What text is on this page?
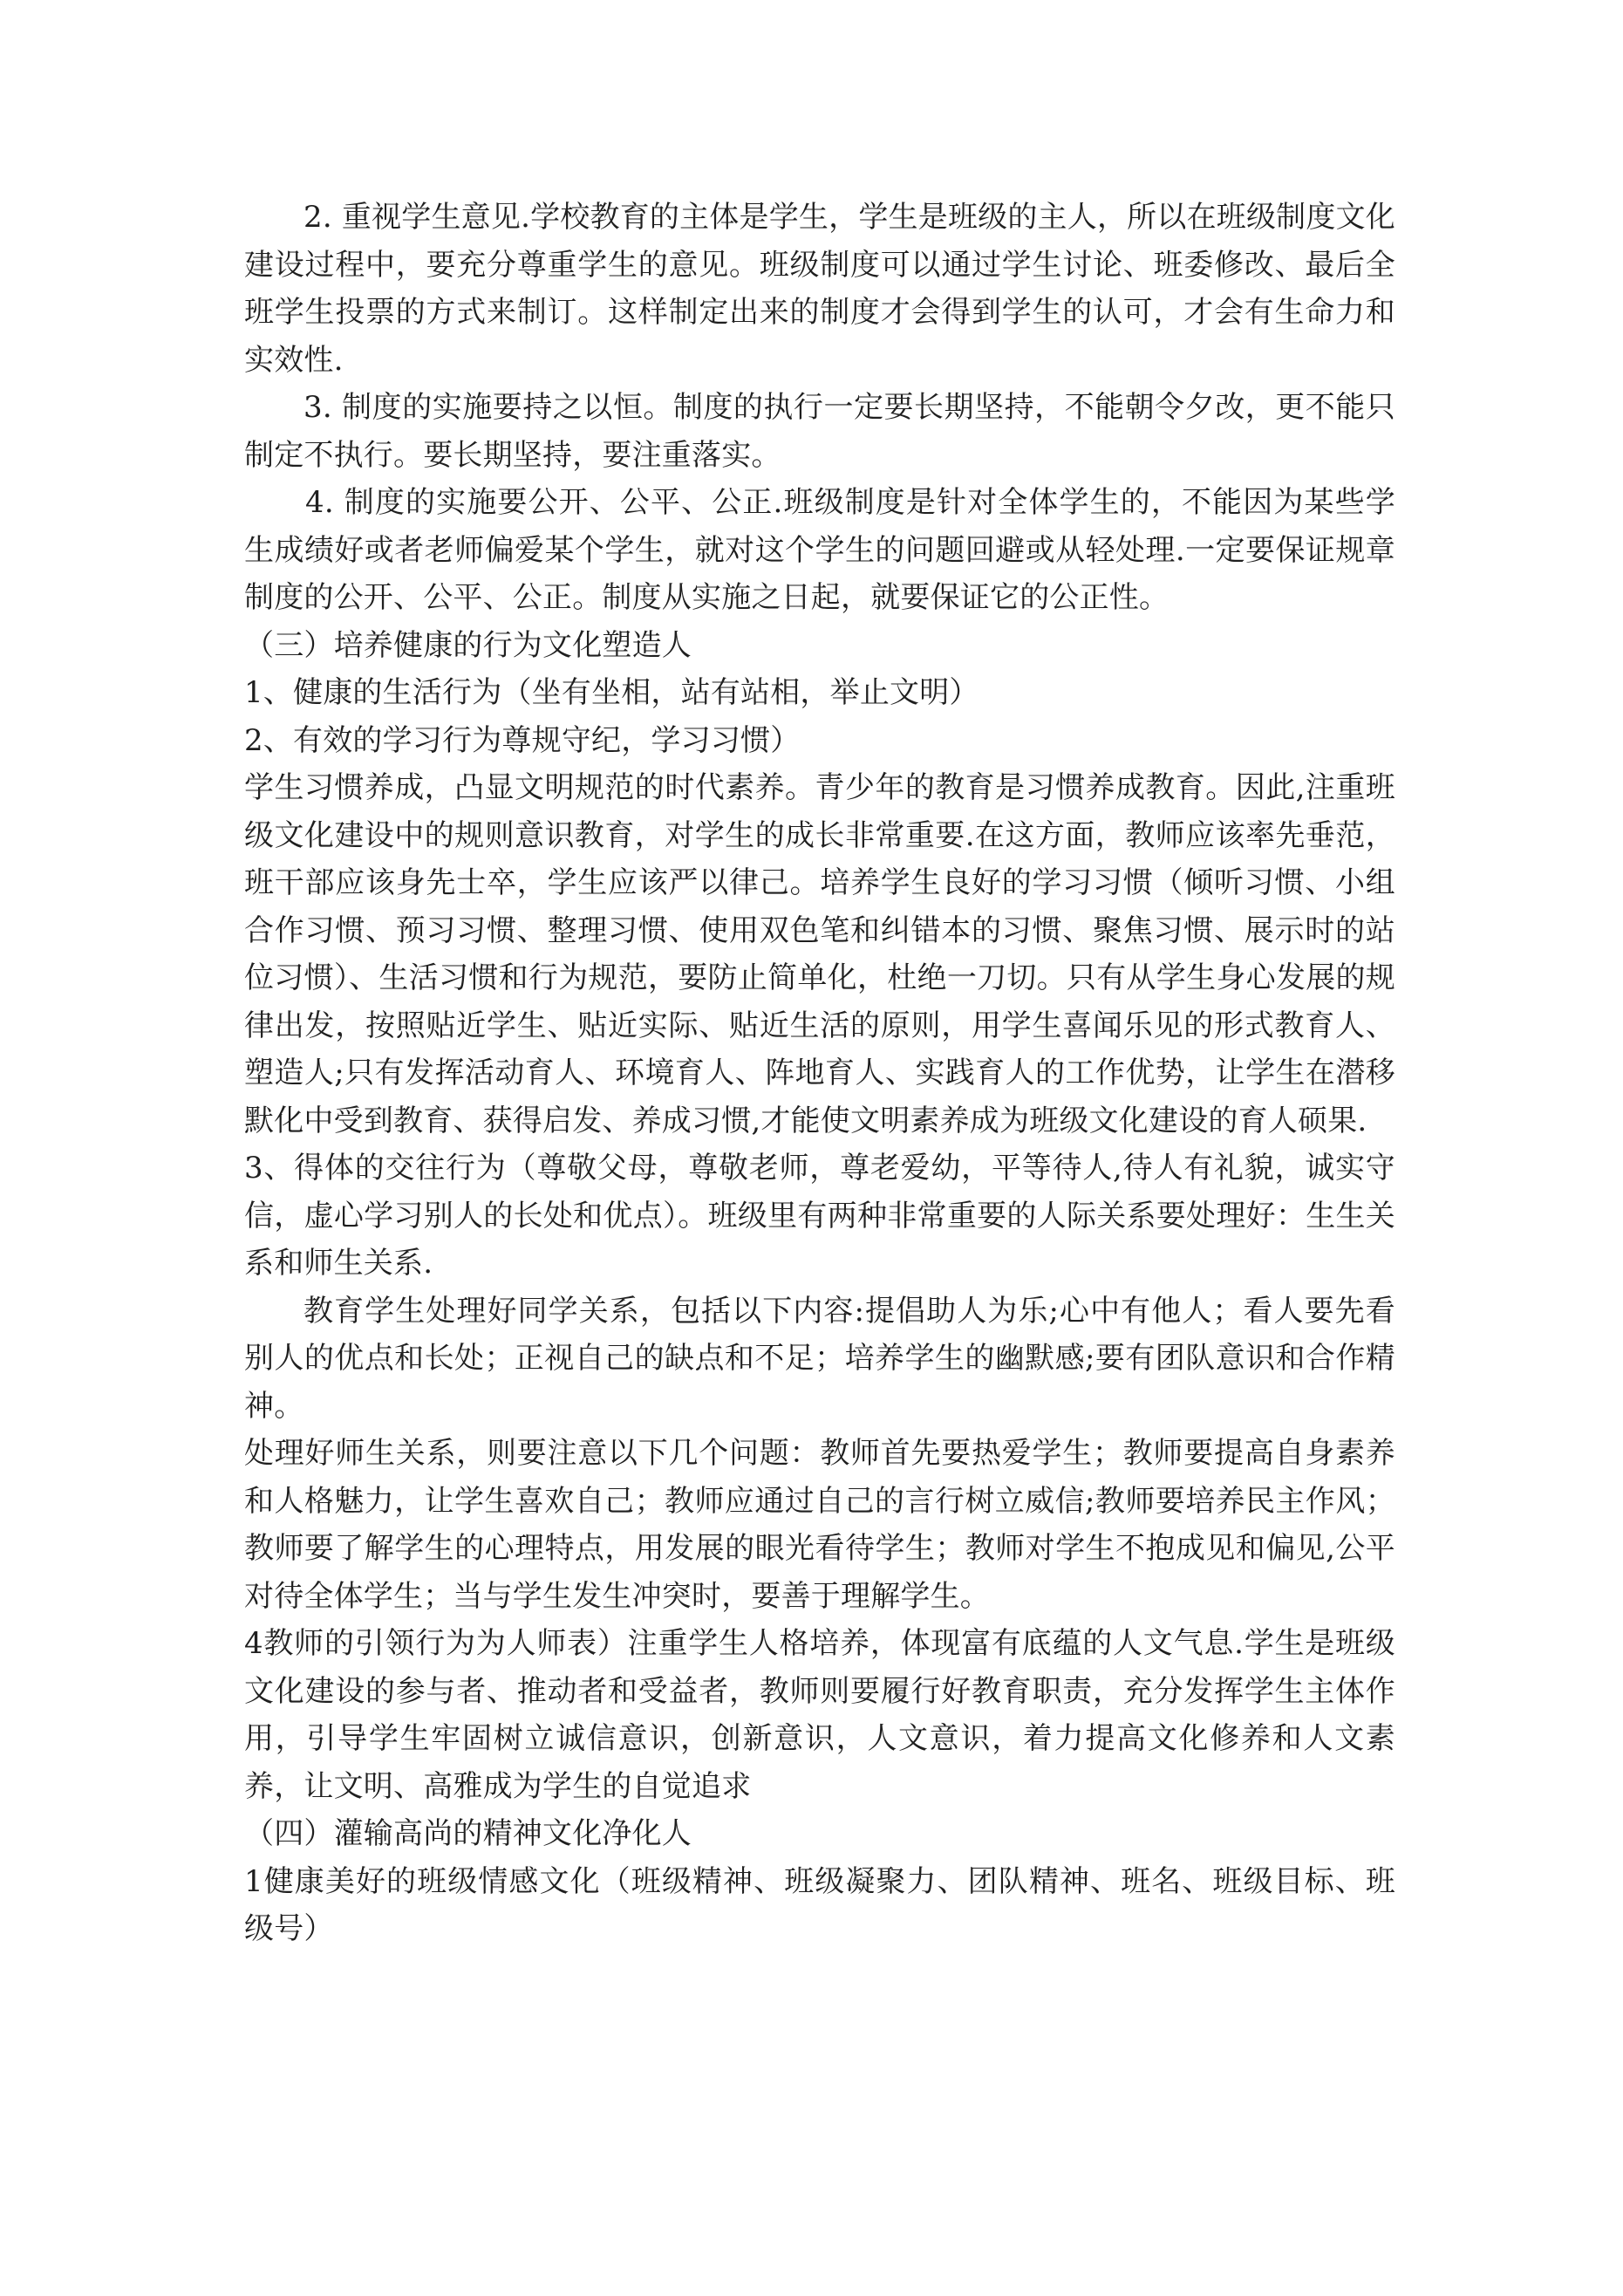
2. 重视学生意见.学校教育的主体是学生，学生是班级的主人，所以在班级制度文化建设过程中，要充分尊重学生的意见。班级制度可以通过学生讨论、班委修改、最后全班学生投票的方式来制订。这样制定出来的制度才会得到学生的认可，才会有生命力和实效性.

3. 制度的实施要持之以恒。制度的执行一定要长期坚持，不能朝令夕改，更不能只制定不执行。要长期坚持，要注重落实。

4. 制度的实施要公开、公平、公正.班级制度是针对全体学生的，不能因为某些学生成绩好或者老师偏爱某个学生，就对这个学生的问题回避或从轻处理.一定要保证规章制度的公开、公平、公正。制度从实施之日起，就要保证它的公正性。

（三）培养健康的行为文化塑造人

1、健康的生活行为（坐有坐相，站有站相，举止文明）

2、有效的学习行为尊规守纪，学习习惯）

学生习惯养成，凸显文明规范的时代素养。青少年的教育是习惯养成教育。因此,注重班级文化建设中的规则意识教育，对学生的成长非常重要.在这方面，教师应该率先垂范，班干部应该身先士卒，学生应该严以律己。培养学生良好的学习习惯（倾听习惯、小组合作习惯、预习习惯、整理习惯、使用双色笔和纠错本的习惯、聚焦习惯、展示时的站位习惯）、生活习惯和行为规范，要防止简单化，杜绝一刀切。只有从学生身心发展的规律出发，按照贴近学生、贴近实际、贴近生活的原则，用学生喜闻乐见的形式教育人、塑造人;只有发挥活动育人、环境育人、阵地育人、实践育人的工作优势，让学生在潜移默化中受到教育、获得启发、养成习惯,才能使文明素养成为班级文化建设的育人硕果.

3、得体的交往行为（尊敬父母，尊敬老师，尊老爱幼，平等待人,待人有礼貌，诚实守信，虚心学习别人的长处和优点）。班级里有两种非常重要的人际关系要处理好：生生关系和师生关系.

教育学生处理好同学关系，包括以下内容:提倡助人为乐;心中有他人；看人要先看别人的优点和长处；正视自己的缺点和不足；培养学生的幽默感;要有团队意识和合作精神。

处理好师生关系，则要注意以下几个问题：教师首先要热爱学生；教师要提高自身素养和人格魅力，让学生喜欢自己；教师应通过自己的言行树立威信;教师要培养民主作风；教师要了解学生的心理特点，用发展的眼光看待学生；教师对学生不抱成见和偏见,公平对待全体学生；当与学生发生冲突时，要善于理解学生。

4教师的引领行为为人师表）注重学生人格培养，体现富有底蕴的人文气息.学生是班级文化建设的参与者、推动者和受益者，教师则要履行好教育职责，充分发挥学生主体作用，引导学生牢固树立诚信意识，创新意识，人文意识，着力提高文化修养和人文素养，让文明、高雅成为学生的自觉追求

（四）灌输高尚的精神文化净化人

1健康美好的班级情感文化（班级精神、班级凝聚力、团队精神、班名、班级目标、班级号）
